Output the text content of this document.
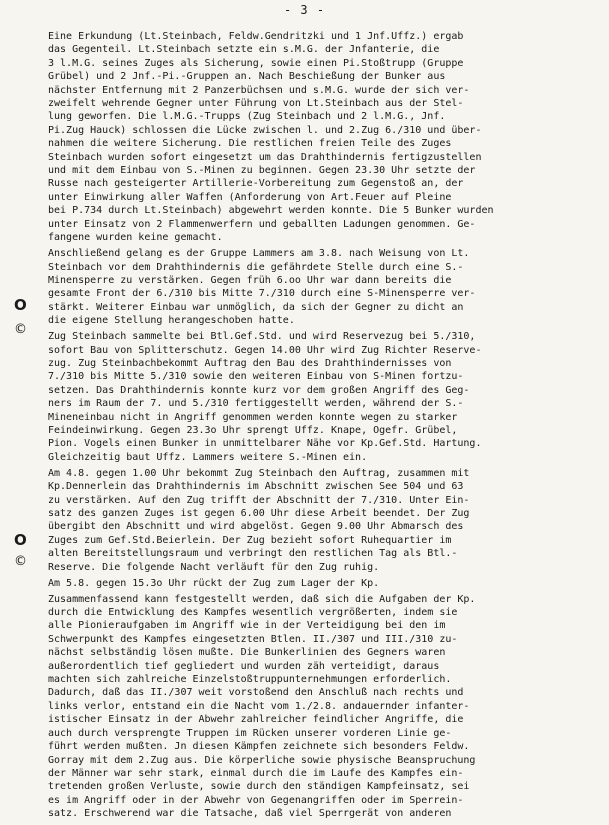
- 3 -
O
©
O
©
Eine Erkundung (Lt.Steinbach, Feldw.Gendritzki und 1 Jnf.Uffz.) ergab
das Gegenteil. Lt.Steinbach setzte ein s.M.G. der Jnfanterie, die
3 l.M.G. seines Zuges als Sicherung, sowie einen Pi.Stoßtrupp (Gruppe
Grübel) und 2 Jnf.-Pi.-Gruppen an. Nach Beschießung der Bunker aus
nächster Entfernung mit 2 Panzerbüchsen und s.M.G. wurde der sich ver-
zweifelt wehrende Gegner unter Führung von Lt.Steinbach aus der Stel-
lung geworfen. Die l.M.G.-Trupps (Zug Steinbach und 2 l.M.G., Jnf.
Pi.Zug Hauck) schlossen die Lücke zwischen l. und 2.Zug 6./310 und über-
nahmen die weitere Sicherung. Die restlichen freien Teile des Zuges
Steinbach wurden sofort eingesetzt um das Drahthindernis fertigzustellen
und mit dem Einbau von S.-Minen zu beginnen. Gegen 23.30 Uhr setzte der
Russe nach gesteigerter Artillerie-Vorbereitung zum Gegenstoß an, der
unter Einwirkung aller Waffen (Anforderung von Art.Feuer auf Pleine
bei P.734 durch Lt.Steinbach) abgewehrt werden konnte. Die 5 Bunker wurden
unter Einsatz von 2 Flammenwerfern und geballten Ladungen genommen. Ge-
fangene wurden keine gemacht.
Anschließend gelang es der Gruppe Lammers am 3.8. nach Weisung von Lt.
Steinbach vor dem Drahthindernis die gefährdete Stelle durch eine S.-
Minensperre zu verstärken. Gegen früh 6.oo Uhr war dann bereits die
gesamte Front der 6./310 bis Mitte 7./310 durch eine S-Minensperre ver-
stärkt. Weiterer Einbau war unmöglich, da sich der Gegner zu dicht an
die eigene Stellung herangeschoben hatte.
Zug Steinbach sammelte bei Btl.Gef.Std. und wird Reservezug bei 5./310,
sofort Bau von Splitterschutz. Gegen 14.00 Uhr wird Zug Richter Reserve-
zug. Zug Steinbachbekommt Auftrag den Bau des Drahthindernisses von
7./310 bis Mitte 5./310 sowie den weiteren Einbau von S-Minen fortzu-
setzen. Das Drahthindernis konnte kurz vor dem großen Angriff des Geg-
ners im Raum der 7. und 5./310 fertiggestellt werden, während der S.-
Mineneinbau nicht in Angriff genommen werden konnte wegen zu starker
Feindeinwirkung. Gegen 23.3o Uhr sprengt Uffz. Knape, Ogefr. Grübel,
Pion. Vogels einen Bunker in unmittelbarer Nähe vor Kp.Gef.Std. Hartung.
Gleichzeitig baut Uffz. Lammers weitere S.-Minen ein.
Am 4.8. gegen 1.00 Uhr bekommt Zug Steinbach den Auftrag, zusammen mit
Kp.Dennerlein das Drahthindernis im Abschnitt zwischen See 504 und 63
zu verstärken. Auf den Zug trifft der Abschnitt der 7./310. Unter Ein-
satz des ganzen Zuges ist gegen 6.00 Uhr diese Arbeit beendet. Der Zug
übergibt den Abschnitt und wird abgelöst. Gegen 9.00 Uhr Abmarsch des
Zuges zum Gef.Std.Beierlein. Der Zug bezieht sofort Ruhequartier im
alten Bereitstellungsraum und verbringt den restlichen Tag als Btl.-
Reserve. Die folgende Nacht verläuft für den Zug ruhig.
Am 5.8. gegen 15.3o Uhr rückt der Zug zum Lager der Kp.
Zusammenfassend kann festgestellt werden, daß sich die Aufgaben der Kp.
durch die Entwicklung des Kampfes wesentlich vergrößerten, indem sie
alle Pionieraufgaben im Angriff wie in der Verteidigung bei den im
Schwerpunkt des Kampfes eingesetzten Btlen. II./307 und III./310 zu-
nächst selbständig lösen mußte. Die Bunkerlinien des Gegners waren
außerordentlich tief gegliedert und wurden zäh verteidigt, daraus
machten sich zahlreiche Einzelstoßtruppunternehmungen erforderlich.
Dadurch, daß das II./307 weit vorstoßend den Anschluß nach rechts und
links verlor, entstand ein die Nacht vom 1./2.8. andauernder infanter-
istischer Einsatz in der Abwehr zahlreicher feindlicher Angriffe, die
auch durch versprengte Truppen im Rücken unserer vorderen Linie ge-
führt werden mußten. Jn diesen Kämpfen zeichnete sich besonders Feldw.
Gorray mit dem 2.Zug aus. Die körperliche sowie physische Beanspruchung
der Männer war sehr stark, einmal durch die im Laufe des Kampfes ein-
tretenden großen Verluste, sowie durch den ständigen Kampfeinsatz, sei
es im Angriff oder in der Abwehr von Gegenangriffen oder im Sperrein-
satz. Erschwerend war die Tatsache, daß viel Sperrgerät von anderen
